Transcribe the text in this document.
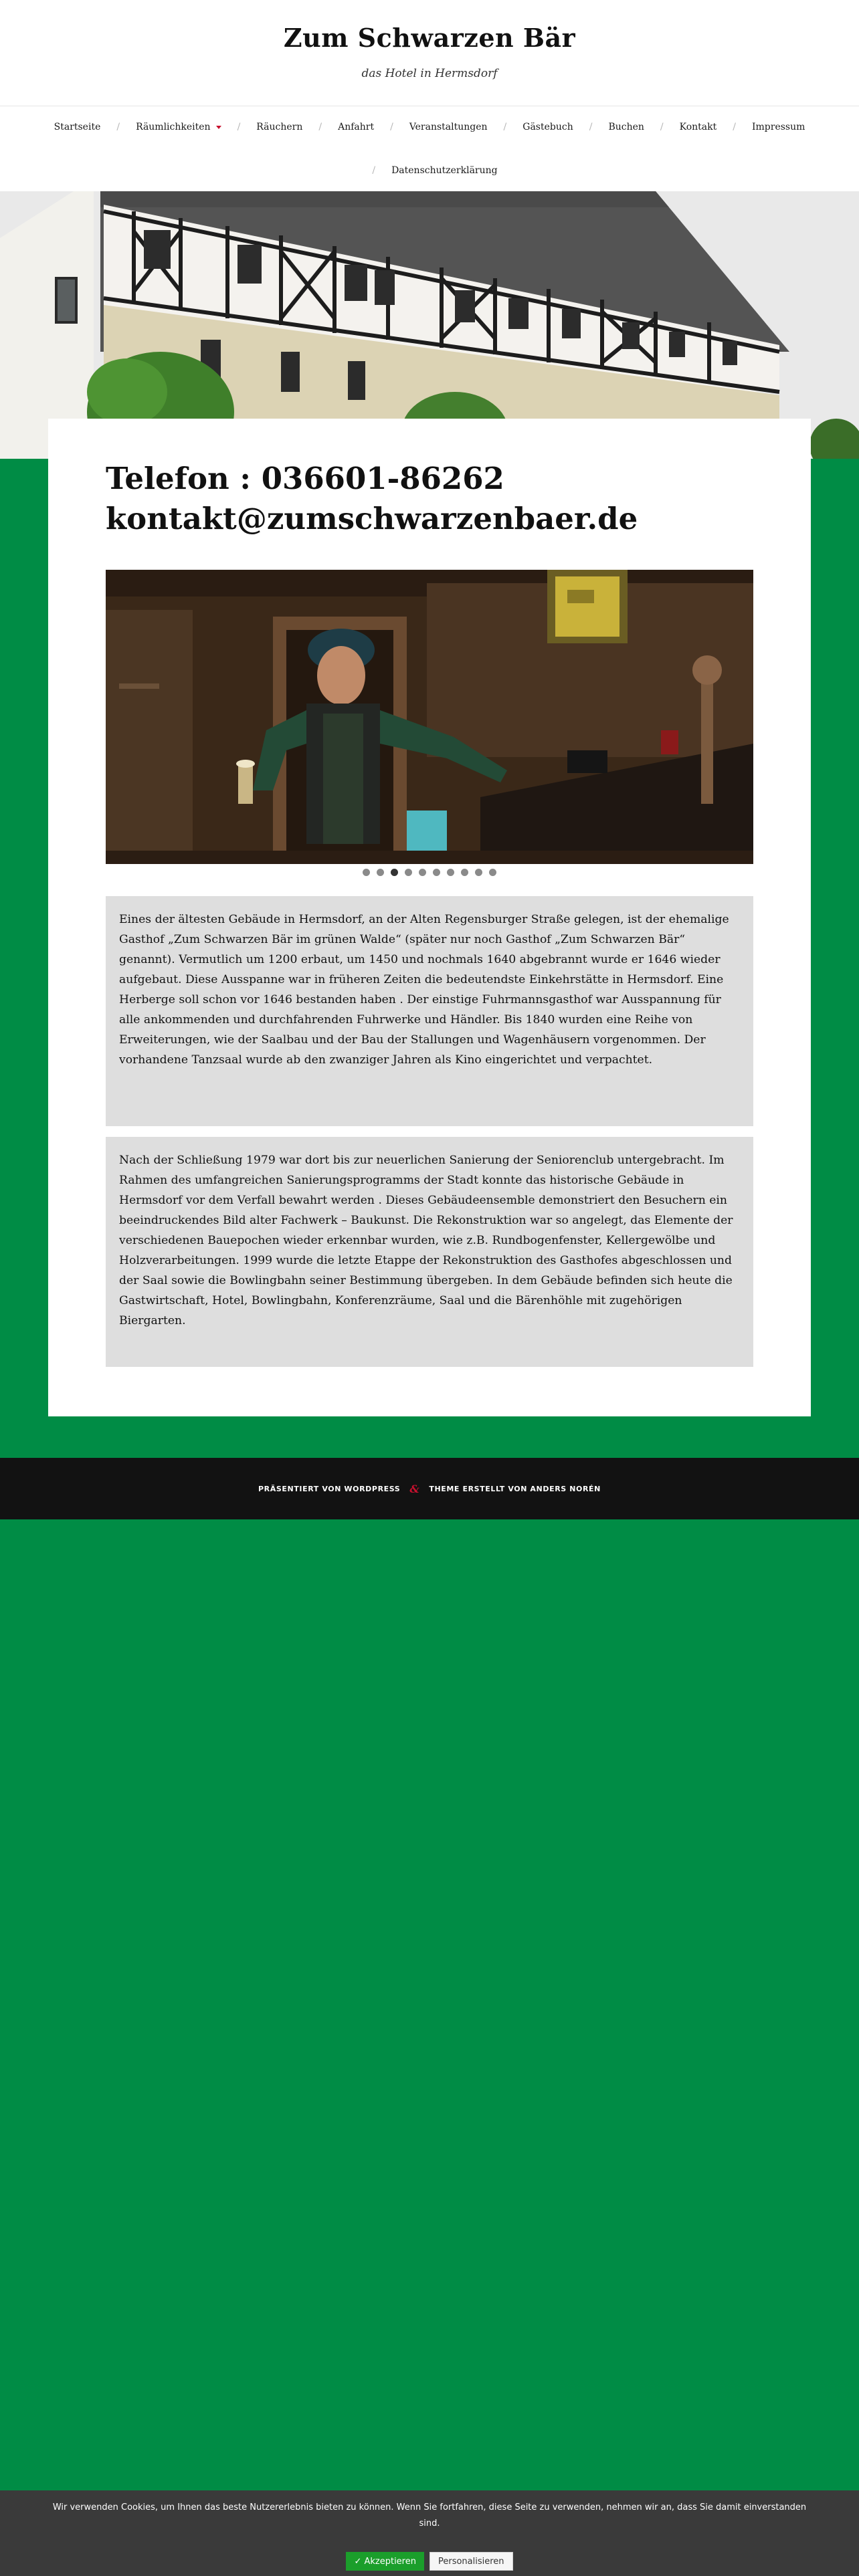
Zum Schwarzen Bär
das Hotel in Hermsdorf
Startseite / Räumlichkeiten	/ Räuchern / Anfahrt / Veranstaltungen / Gästebuch / Buchen / Kontakt / Impressum
/ Datenschutzerklärung
Telefon : 036601-86262
kontakt@zumschwarzenbaer.de

Eines der ältesten Gebäude in Hermsdorf, an der Alten Regensburger Straße gelegen, ist der ehemalige Gasthof „Zum Schwarzen Bär im grünen Walde“ (später nur noch Gasthof „Zum Schwarzen Bär“ genannt). Vermutlich um 1200 erbaut, um 1450 und nochmals 1640 abgebrannt wurde er 1646 wieder aufgebaut. Diese Ausspanne war in früheren Zeiten die bedeutendste Einkehrstätte in Hermsdorf. Eine Herberge soll schon vor 1646 bestanden haben . Der einstige Fuhrmannsgasthof war Ausspannung für alle ankommenden und durchfahrenden Fuhrwerke und Händler. Bis 1840 wurden eine Reihe von Erweiterungen, wie der Saalbau und der Bau der Stallungen und Wagenhäusern vorgenommen. Der vorhandene Tanzsaal wurde ab den zwanziger Jahren als Kino eingerichtet und verpachtet.

Nach der Schließung 1979 war dort bis zur neuerlichen Sanierung der Seniorenclub untergebracht. Im Rahmen des umfangreichen Sanierungsprogramms der Stadt konnte das historische Gebäude in Hermsdorf vor dem Verfall bewahrt werden . Dieses Gebäudeensemble demonstriert den Besuchern ein beeindruckendes Bild alter Fachwerk – Baukunst. Die Rekonstruktion war so angelegt, das Elemente der verschiedenen Bauepochen wieder erkennbar wurden, wie z.B. Rundbogenfenster, Kellergewölbe und Holzverarbeitungen. 1999 wurde die letzte Etappe der Rekonstruktion des Gasthofes abgeschlossen und der Saal sowie die Bowlingbahn seiner Bestimmung übergeben. In dem Gebäude befinden sich heute die Gastwirtschaft, Hotel, Bowlingbahn, Konferenzräume, Saal und die Bärenhöhle mit zugehörigen Biergarten.

PRÄSENTIERT VON WORDPRESS & THEME ERSTELLT VON ANDERS NORÉN
Wir verwenden Cookies, um Ihnen das beste Nutzererlebnis bieten zu können. Wenn Sie fortfahren, diese Seite zu verwenden, nehmen wir an, dass Sie damit einverstanden sind.
✓ Akzeptieren	Personalisieren
